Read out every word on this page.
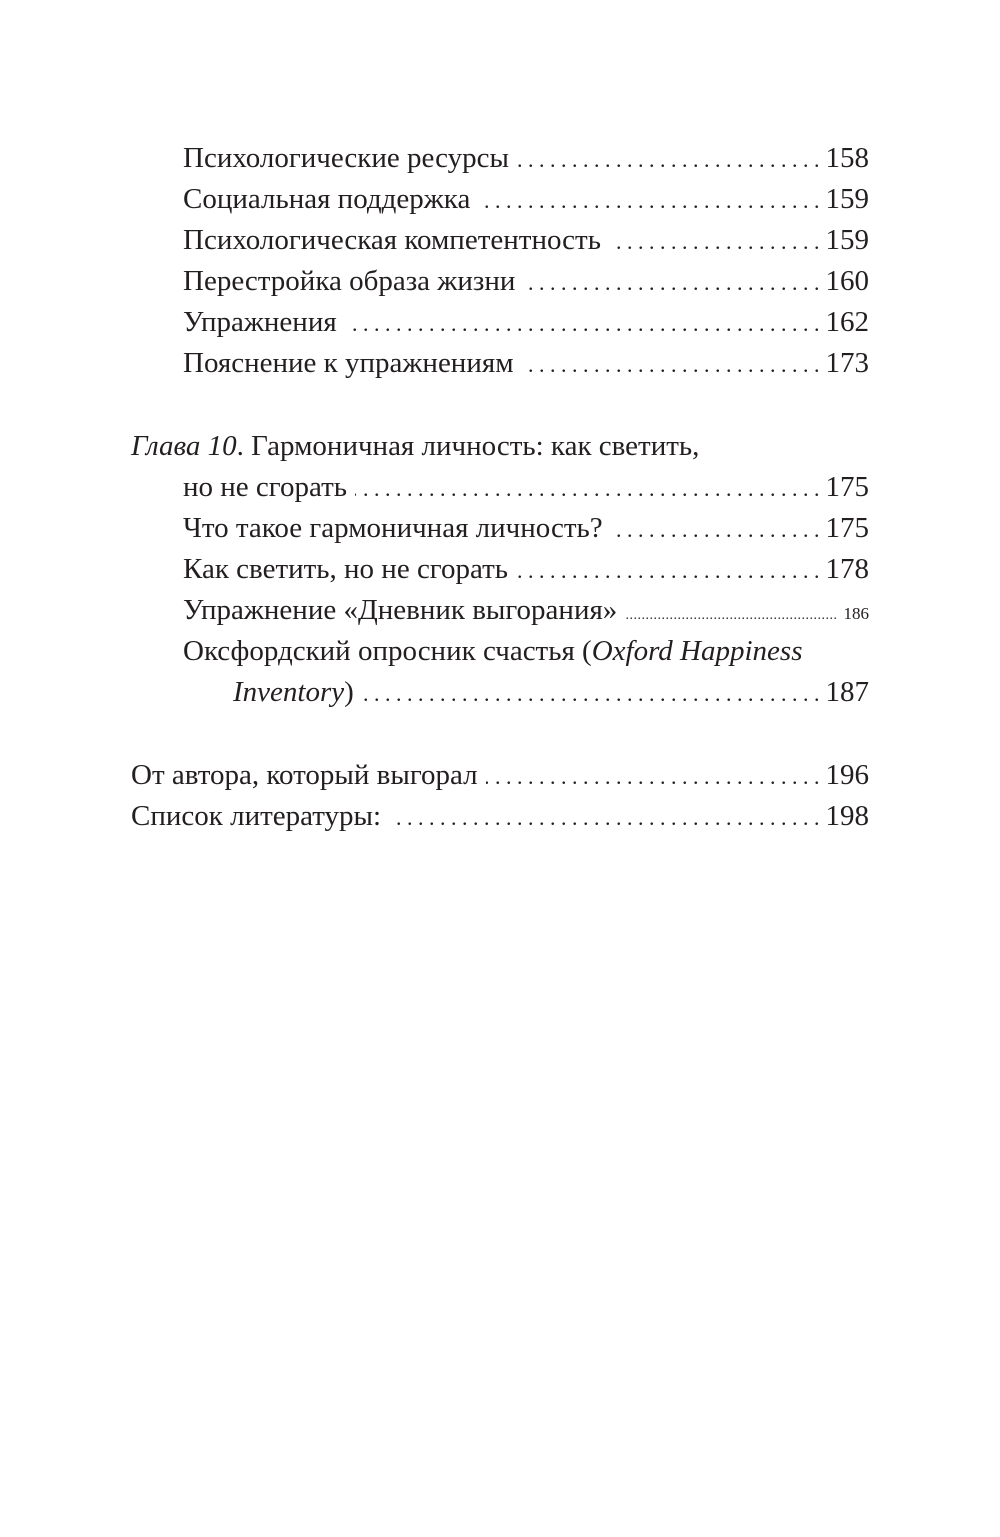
Психологические ресурсы . . .	158
Социальная поддержка . . .	159
Психологическая компетентность . . .	159
Перестройка образа жизни . . .	160
Упражнения . . .	162
Пояснение к упражнениям . . .	173
Глава 10. Гармоничная личность: как светить,
но не сгорать . . .	175
Что такое гармоничная личность? . . .	175
Как светить, но не сгорать . . .	178
Упражнение «Дневник выгорания» .....	186
Оксфордский опросник счастья (Oxford Happiness
Inventory) . . .	187
От автора, который выгорал . . .	196
Список литературы: . . .	198
